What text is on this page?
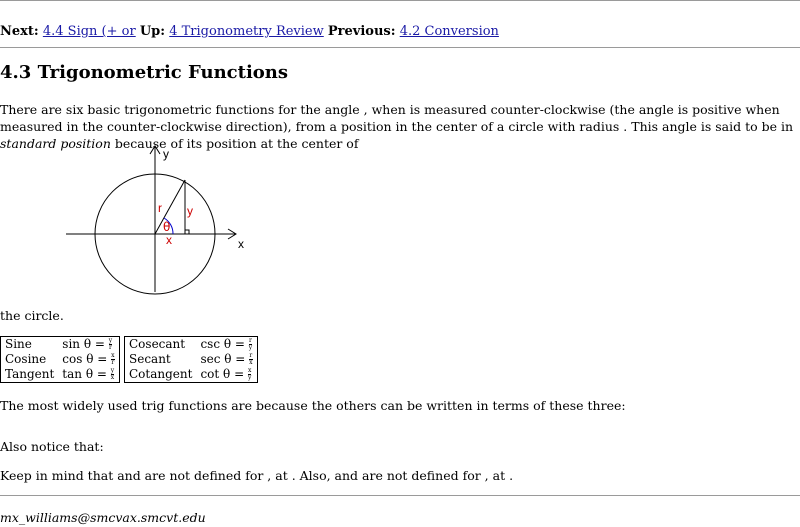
Next: 4.4 Sign (+ or Up: 4 Trigonometry Review Previous: 4.2 Conversion
4.3 Trigonometric Functions

There are six basic trigonometric functions for the angle , when is measured counter-clockwise (the angle is positive when measured in the counter-clockwise direction), from a position in the center of a circle with radius . This angle is said to be in standard position because of its position at the center of

y
x
r y
θ
x
the circle.
Sine	$\sin \theta = \frac{y}{r}$

Cosine	$\cos \theta = \frac{x}{r}$

Tangent	$\tan \theta = \frac{y}{x}$
Cosecant	$\csc \theta = \frac{r}{y}$

Secant	$\sec \theta = \frac{r}{x}$

Cotangent	$\cot \theta = \frac{x}{y}$
The most widely used trig functions are because the others can be written in terms of these three:
Also notice that:
Keep in mind that and are not defined for , at . Also, and are not defined for , at .
mx_williams@smcvax.smcvt.edu
